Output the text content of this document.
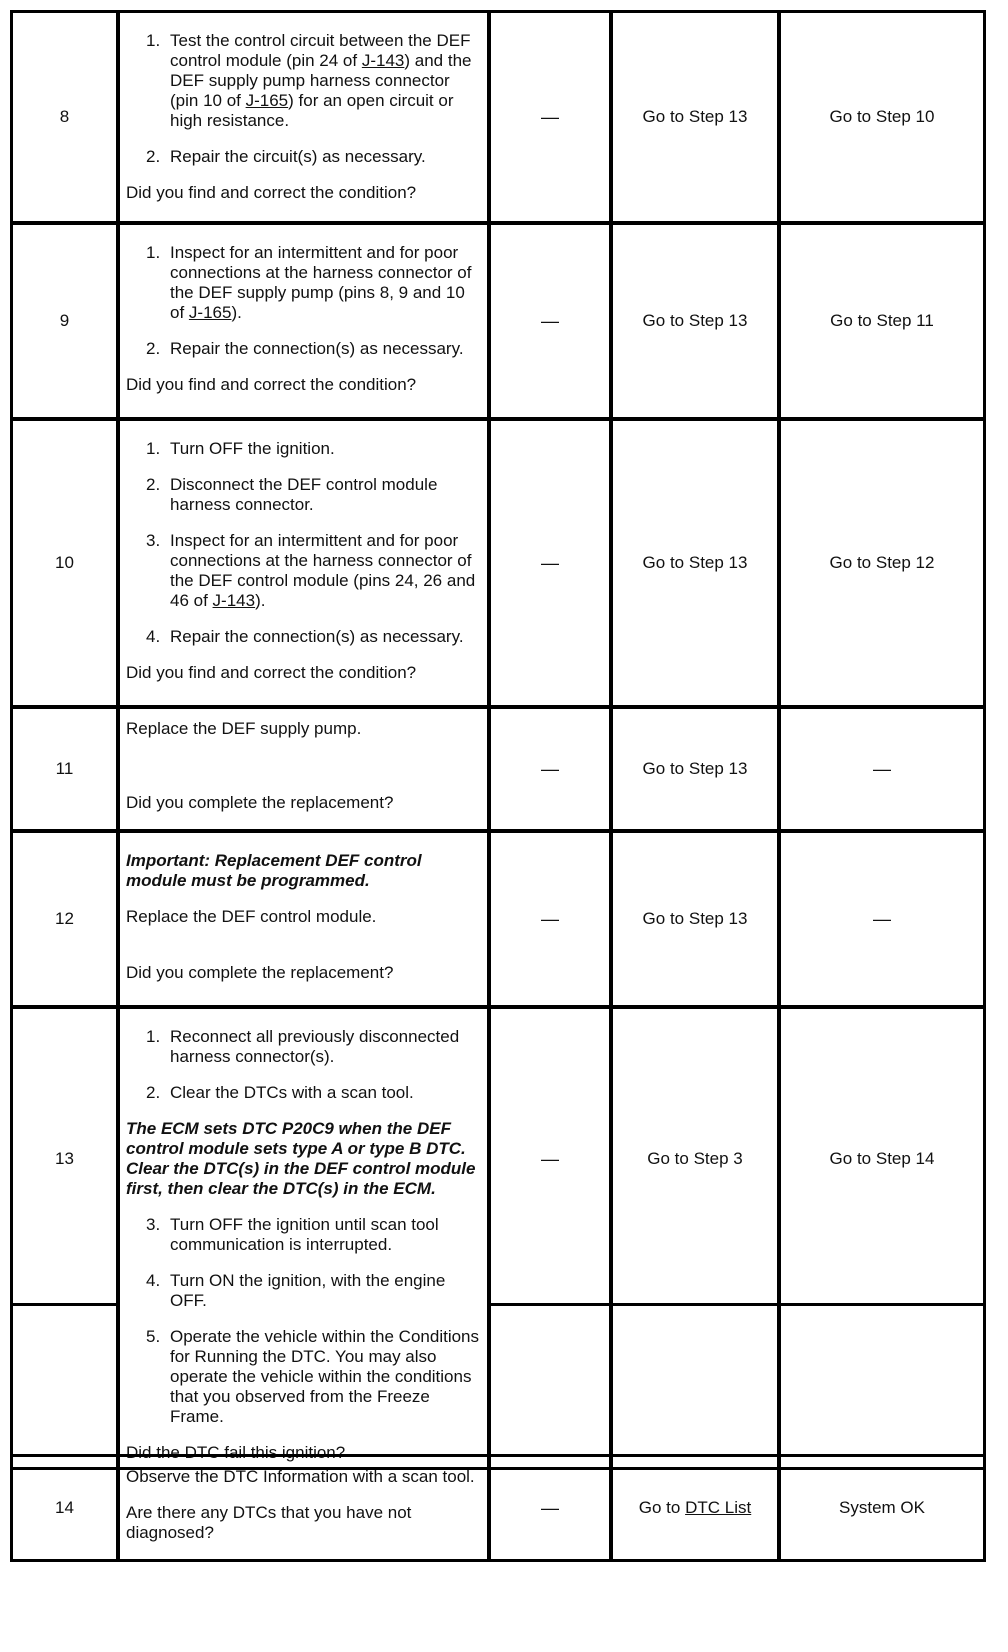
8
1. Test the control circuit between the DEF control module (pin 24 of J-143) and the DEF supply pump harness connector (pin 10 of J-165) for an open circuit or high resistance.
2. Repair the circuit(s) as necessary.
Did you find and correct the condition?
—	Go to Step 13	Go to Step 10
9
1. Inspect for an intermittent and for poor connections at the harness connector of the DEF supply pump (pins 8, 9 and 10 of J-165).
2. Repair the connection(s) as necessary.
Did you find and correct the condition?
—	Go to Step 13	Go to Step 11
10
1. Turn OFF the ignition.
2. Disconnect the DEF control module harness connector.
3. Inspect for an intermittent and for poor connections at the harness connector of the DEF control module (pins 24, 26 and 46 of J-143).
4. Repair the connection(s) as necessary.
Did you find and correct the condition?
—	Go to Step 13	Go to Step 12
11
Replace the DEF supply pump.
Did you complete the replacement?
—	Go to Step 13	—
12
Important: Replacement DEF control module must be programmed.
Replace the DEF control module.
Did you complete the replacement?
—	Go to Step 13	—
13
1. Reconnect all previously disconnected harness connector(s).
2. Clear the DTCs with a scan tool.
The ECM sets DTC P20C9 when the DEF control module sets type A or type B DTC. Clear the DTC(s) in the DEF control module first, then clear the DTC(s) in the ECM.
3. Turn OFF the ignition until scan tool communication is interrupted.
4. Turn ON the ignition, with the engine OFF.
5. Operate the vehicle within the Conditions for Running the DTC. You may also operate the vehicle within the conditions that you observed from the Freeze Frame.
Did the DTC fail this ignition?
—	Go to Step 3	Go to Step 14
14
Observe the DTC Information with a scan tool.
Are there any DTCs that you have not diagnosed?
—	Go to DTC List	System OK
